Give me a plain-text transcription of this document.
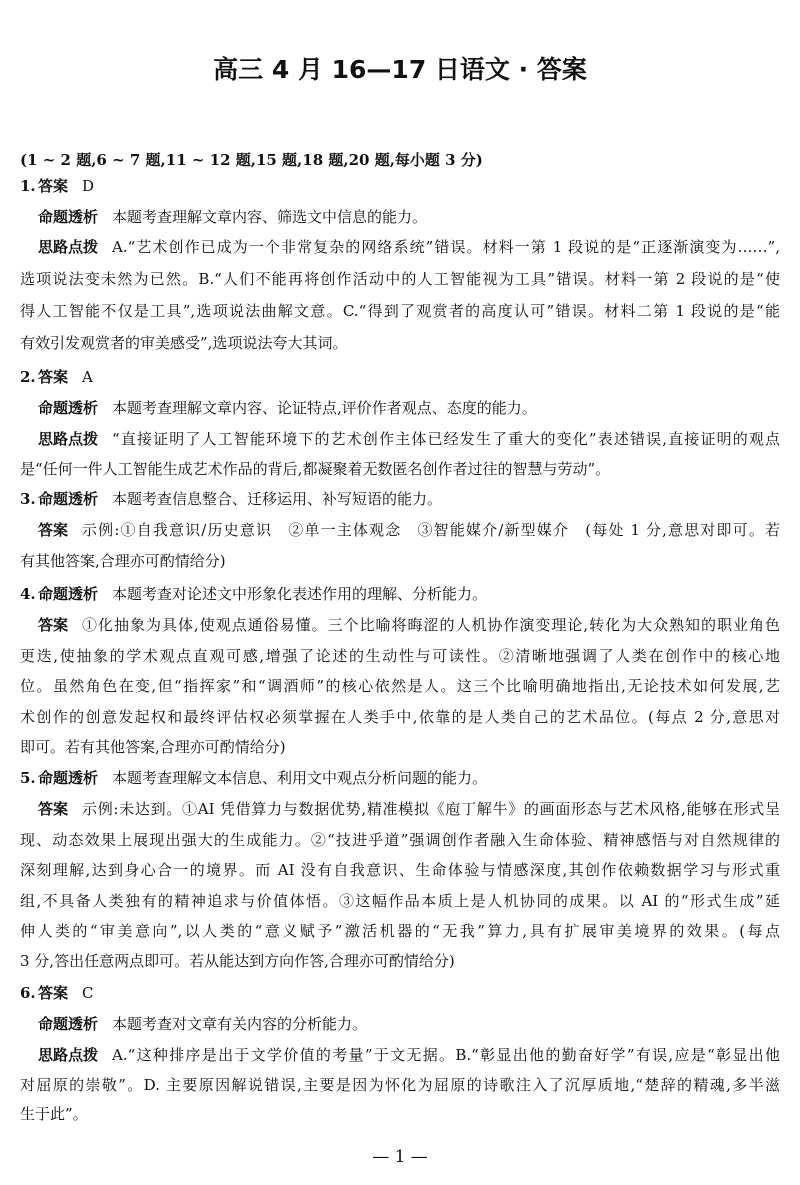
高三 4 月 16—17 日语文 · 答案
(1 ~ 2 题,6 ~ 7 题,11 ~ 12 题,15 题,18 题,20 题,每小题 3 分)
1. 答案 D
命题透析 本题考查理解文章内容、筛选文中信息的能力。
思路点拨 A.“艺术创作已成为一个非常复杂的网络系统”错误。材料一第 1 段说的是“正逐渐演变为……”,
选项说法变未然为已然。B.“人们不能再将创作活动中的人工智能视为工具”错误。材料一第 2 段说的是“使
得人工智能不仅是工具”,选项说法曲解文意。C.“得到了观赏者的高度认可”错误。材料二第 1 段说的是“能
有效引发观赏者的审美感受”,选项说法夸大其词。
2. 答案 A
命题透析 本题考查理解文章内容、论证特点,评价作者观点、态度的能力。
思路点拨 “直接证明了人工智能环境下的艺术创作主体已经发生了重大的变化”表述错误,直接证明的观点
是“任何一件人工智能生成艺术作品的背后,都凝聚着无数匿名创作者过往的智慧与劳动”。
3. 命题透析 本题考查信息整合、迁移运用、补写短语的能力。
答案 示例:①自我意识/历史意识　②单一主体观念　③智能媒介/新型媒介　(每处 1 分,意思对即可。若
有其他答案,合理亦可酌情给分)
4. 命题透析 本题考查对论述文中形象化表述作用的理解、分析能力。
答案 ①化抽象为具体,使观点通俗易懂。三个比喻将晦涩的人机协作演变理论,转化为大众熟知的职业角色
更迭,使抽象的学术观点直观可感,增强了论述的生动性与可读性。②清晰地强调了人类在创作中的核心地
位。虽然角色在变,但“指挥家”和“调酒师”的核心依然是人。这三个比喻明确地指出,无论技术如何发展,艺
术创作的创意发起权和最终评估权必须掌握在人类手中,依靠的是人类自己的艺术品位。(每点 2 分,意思对
即可。若有其他答案,合理亦可酌情给分)
5. 命题透析 本题考查理解文本信息、利用文中观点分析问题的能力。
答案 示例:未达到。①AI 凭借算力与数据优势,精准模拟《庖丁解牛》的画面形态与艺术风格,能够在形式呈
现、动态效果上展现出强大的生成能力。②“技进乎道”强调创作者融入生命体验、精神感悟与对自然规律的
深刻理解,达到身心合一的境界。而 AI 没有自我意识、生命体验与情感深度,其创作依赖数据学习与形式重
组,不具备人类独有的精神追求与价值体悟。③这幅作品本质上是人机协同的成果。以 AI 的“形式生成”延
伸人类的“审美意向”,以人类的“意义赋予”激活机器的“无我”算力,具有扩展审美境界的效果。(每点
3 分,答出任意两点即可。若从能达到方向作答,合理亦可酌情给分)
6. 答案 C
命题透析 本题考查对文章有关内容的分析能力。
思路点拨 A.“这种排序是出于文学价值的考量”于文无据。B.“彰显出他的勤奋好学”有误,应是“彰显出他
对屈原的崇敬”。D. 主要原因解说错误,主要是因为怀化为屈原的诗歌注入了沉厚质地,“楚辞的精魂,多半滋
生于此”。
— 1 —
